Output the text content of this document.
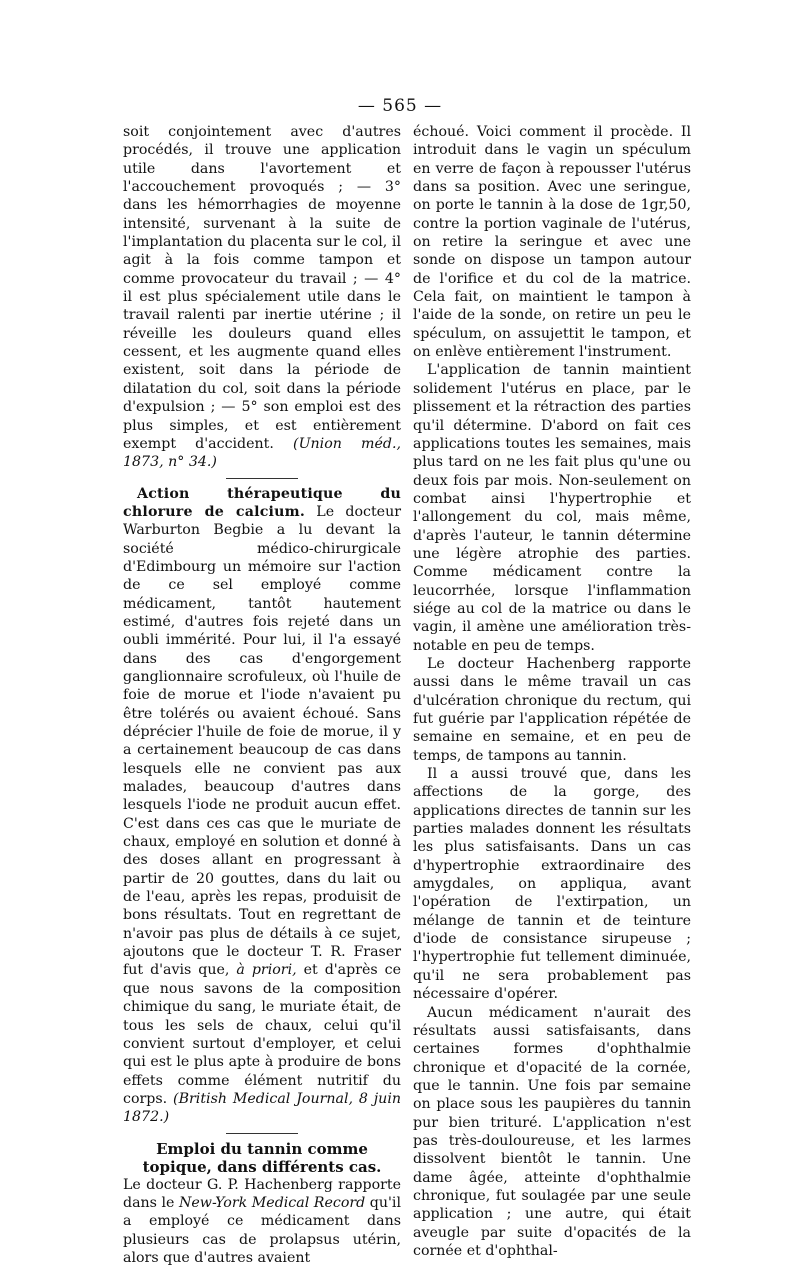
— 565 —

soit conjointement avec d'autres procédés, il trouve une application utile dans l'avortement et l'accouchement provoqués ; — 3° dans les hémorrhagies de moyenne intensité, survenant à la suite de l'implantation du placenta sur le col, il agit à la fois comme tampon et comme provocateur du travail ; — 4° il est plus spécialement utile dans le travail ralenti par inertie utérine ; il réveille les douleurs quand elles cessent, et les augmente quand elles existent, soit dans la période de dilatation du col, soit dans la période d'expulsion ; — 5° son emploi est des plus simples, et est entièrement exempt d'accident. (Union méd., 1873, n° 34.)

Action thérapeutique du chlorure de calcium. Le docteur Warburton Begbie a lu devant la société médico-chirurgicale d'Edimbourg un mémoire sur l'action de ce sel employé comme médicament, tantôt hautement estimé, d'autres fois rejeté dans un oubli immérité. Pour lui, il l'a essayé dans des cas d'engorgement ganglionnaire scrofuleux, où l'huile de foie de morue et l'iode n'avaient pu être tolérés ou avaient échoué. Sans déprécier l'huile de foie de morue, il y a certainement beaucoup de cas dans lesquels elle ne convient pas aux malades, beaucoup d'autres dans lesquels l'iode ne produit aucun effet. C'est dans ces cas que le muriate de chaux, employé en solution et donné à des doses allant en progressant à partir de 20 gouttes, dans du lait ou de l'eau, après les repas, produisit de bons résultats. Tout en regrettant de n'avoir pas plus de détails à ce sujet, ajoutons que le docteur T. R. Fraser fut d'avis que, à priori, et d'après ce que nous savons de la composition chimique du sang, le muriate était, de tous les sels de chaux, celui qu'il convient surtout d'employer, et celui qui est le plus apte à produire de bons effets comme élément nutritif du corps. (British Medical Journal, 8 juin 1872.)

Emploi du tannin comme topique, dans différents cas.

Le docteur G. P. Hachenberg rapporte dans le New-York Medical Record qu'il a employé ce médicament dans plusieurs cas de prolapsus utérin, alors que d'autres avaient

échoué. Voici comment il procède. Il introduit dans le vagin un spéculum en verre de façon à repousser l'utérus dans sa position. Avec une seringue, on porte le tannin à la dose de 1gr,50, contre la portion vaginale de l'utérus, on retire la seringue et avec une sonde on dispose un tampon autour de l'orifice et du col de la matrice. Cela fait, on maintient le tampon à l'aide de la sonde, on retire un peu le spéculum, on assujettit le tampon, et on enlève entièrement l'instrument.

L'application de tannin maintient solidement l'utérus en place, par le plissement et la rétraction des parties qu'il détermine. D'abord on fait ces applications toutes les semaines, mais plus tard on ne les fait plus qu'une ou deux fois par mois. Non-seulement on combat ainsi l'hypertrophie et l'allongement du col, mais même, d'après l'auteur, le tannin détermine une légère atrophie des parties. Comme médicament contre la leucorrhée, lorsque l'inflammation siége au col de la matrice ou dans le vagin, il amène une amélioration très-notable en peu de temps.

Le docteur Hachenberg rapporte aussi dans le même travail un cas d'ulcération chronique du rectum, qui fut guérie par l'application répétée de semaine en semaine, et en peu de temps, de tampons au tannin.

Il a aussi trouvé que, dans les affections de la gorge, des applications directes de tannin sur les parties malades donnent les résultats les plus satisfaisants. Dans un cas d'hypertrophie extraordinaire des amygdales, on appliqua, avant l'opération de l'extirpation, un mélange de tannin et de teinture d'iode de consistance sirupeuse ; l'hypertrophie fut tellement diminuée, qu'il ne sera probablement pas nécessaire d'opérer.

Aucun médicament n'aurait des résultats aussi satisfaisants, dans certaines formes d'ophthalmie chronique et d'opacité de la cornée, que le tannin. Une fois par semaine on place sous les paupières du tannin pur bien trituré. L'application n'est pas très-douloureuse, et les larmes dissolvent bientôt le tannin. Une dame âgée, atteinte d'ophthalmie chronique, fut soulagée par une seule application ; une autre, qui était aveugle par suite d'opacités de la cornée et d'ophthal-
